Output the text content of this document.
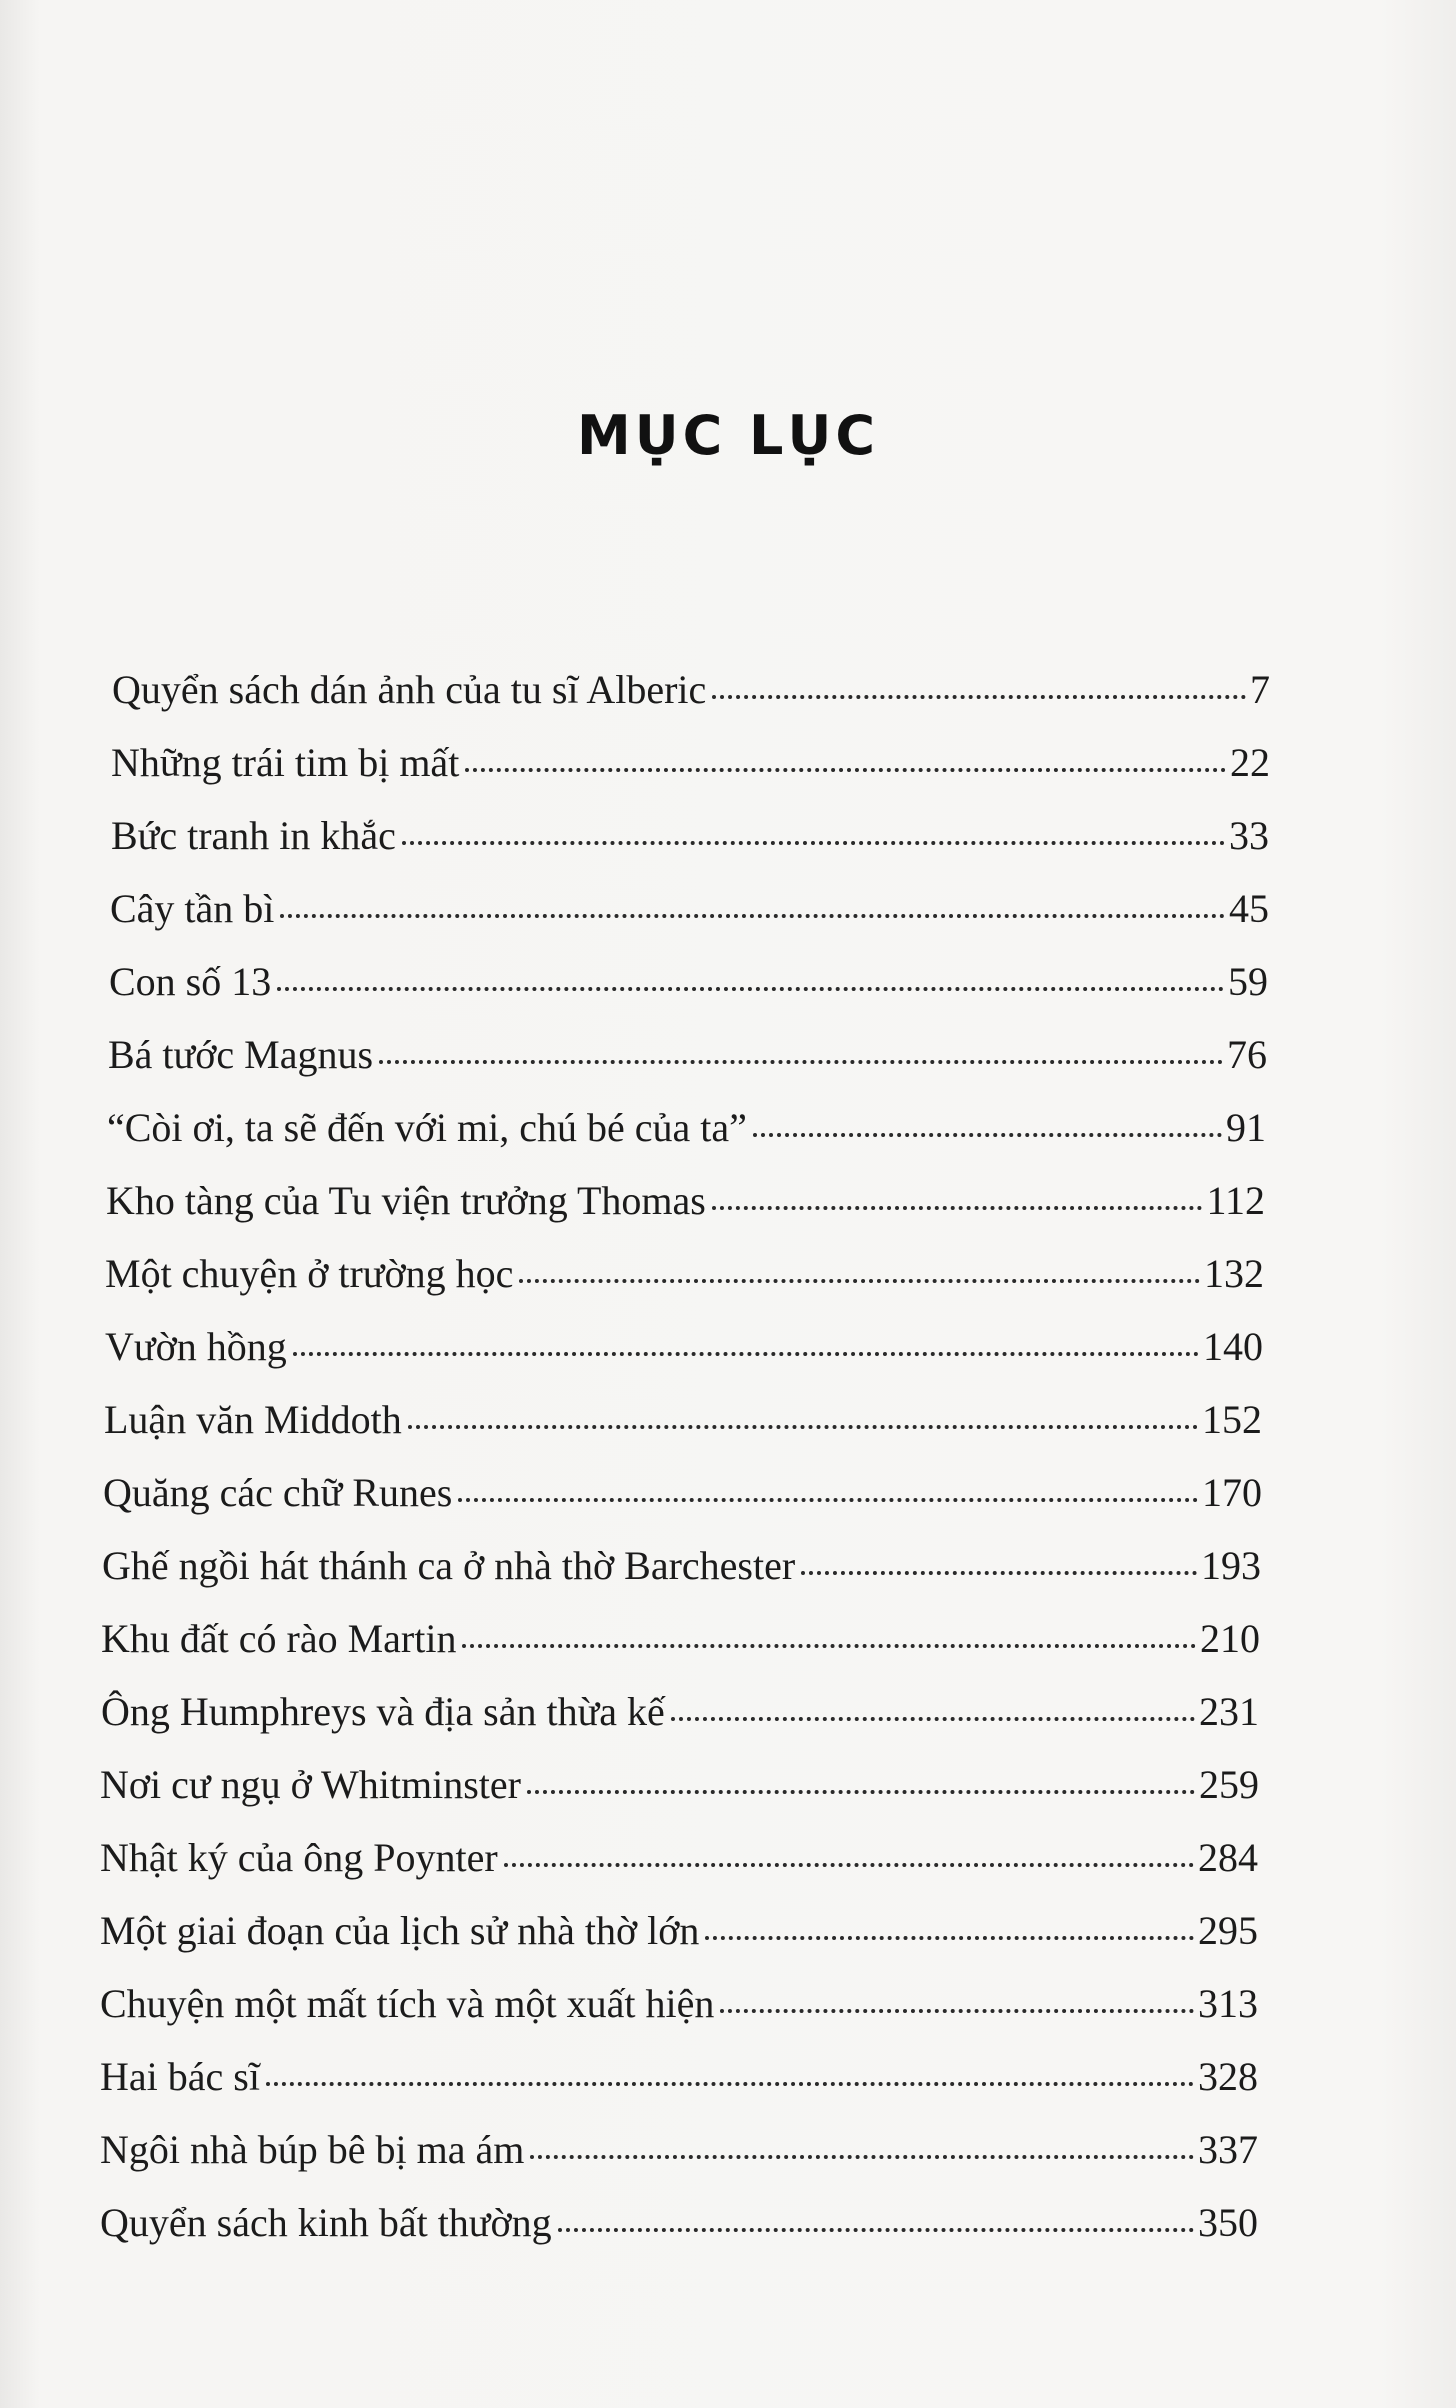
MỤC LỤC
Quyển sách dán ảnh của tu sĩ Alberic	7
Những trái tim bị mất	22
Bức tranh in khắc	33
Cây tần bì	45
Con số 13	59
Bá tước Magnus	76
“Còi ơi, ta sẽ đến với mi, chú bé của ta”	91
Kho tàng của Tu viện trưởng Thomas	112
Một chuyện ở trường học	132
Vườn hồng	140
Luận văn Middoth	152
Quăng các chữ Runes	170
Ghế ngồi hát thánh ca ở nhà thờ Barchester	193
Khu đất có rào Martin	210
Ông Humphreys và địa sản thừa kế	231
Nơi cư ngụ ở Whitminster	259
Nhật ký của ông Poynter	284
Một giai đoạn của lịch sử nhà thờ lớn	295
Chuyện một mất tích và một xuất hiện	313
Hai bác sĩ	328
Ngôi nhà búp bê bị ma ám	337
Quyển sách kinh bất thường	350
